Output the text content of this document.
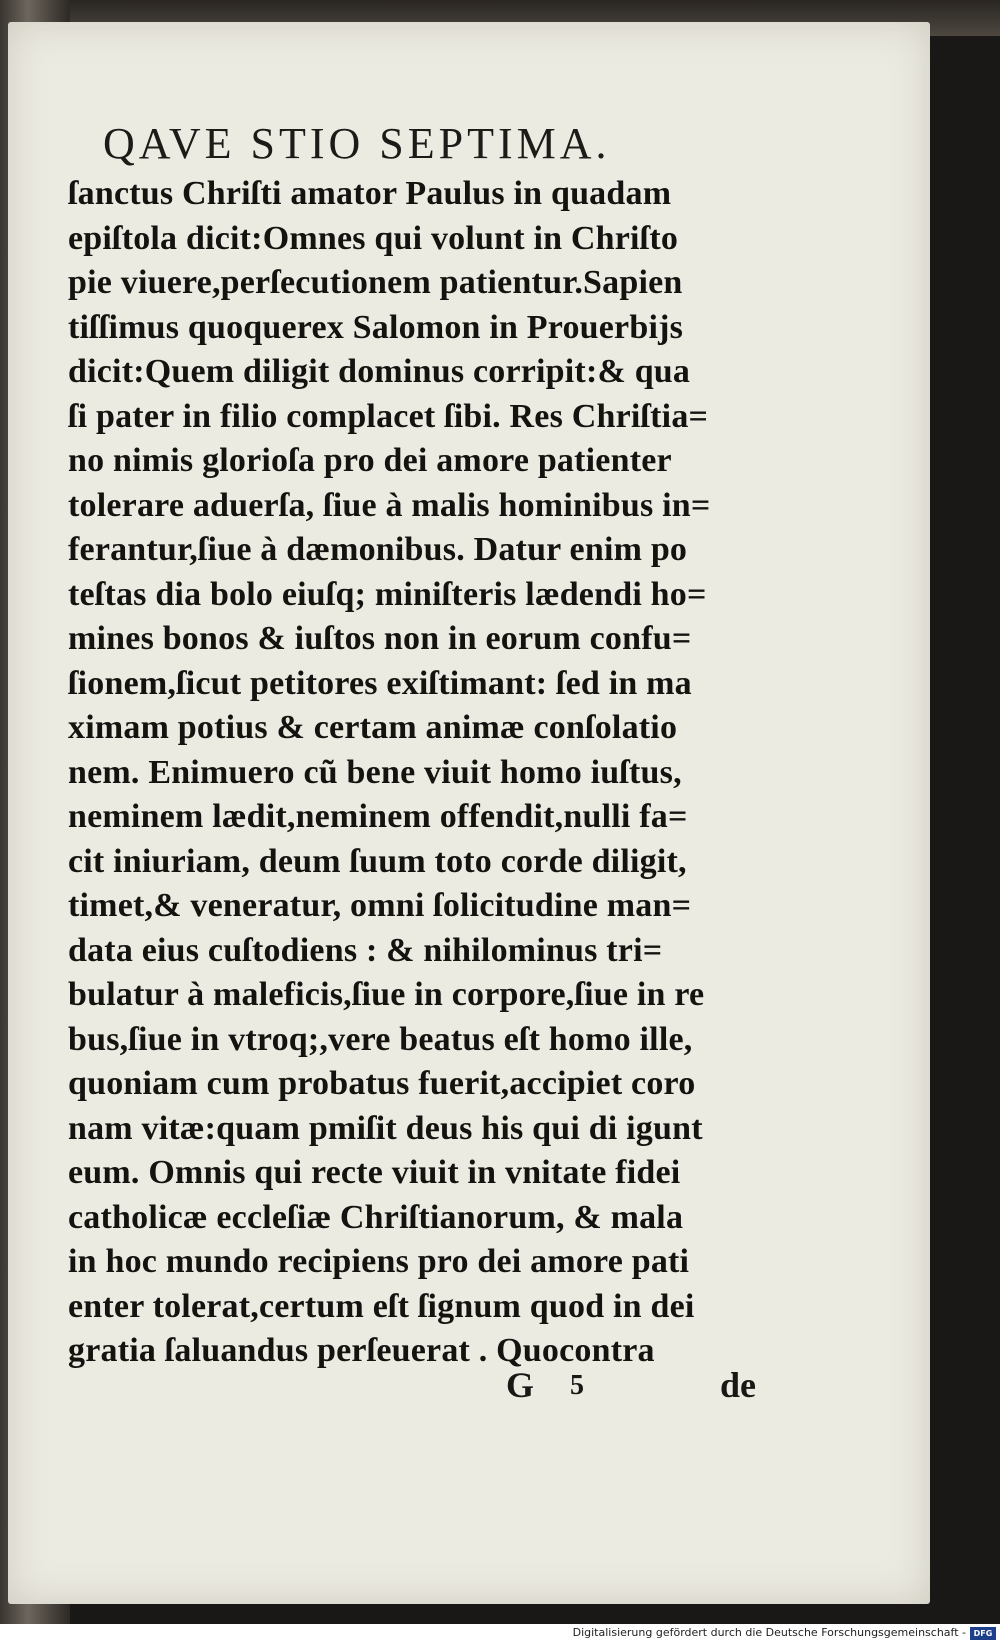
QAVE STIO SEPTIMA.
ſanctus Chriſti amator Paulus in quadam
epiſtola dicit:Omnes qui volunt in Chriſto
pie viuere,perſecutionem patientur.Sapien
tiſſimus quoquerex Salomon in Prouerbijs
dicit:Quem diligit dominus corripit:& qua
ſi pater in filio complacet ſibi. Res Chriſtia=
no nimis glorioſa pro dei amore patienter
tolerare aduerſa, ſiue à malis hominibus in=
ferantur,ſiue à dæmonibus. Datur enim po
teſtas dia bolo eiuſq; miniſteris lædendi ho=
mines bonos & iuſtos non in eorum confu=
ſionem,ſicut petitores exiſtimant: ſed in ma
ximam potius & certam animæ conſolatio
nem. Enimuero cũ bene viuit homo iuſtus,
neminem lædit,neminem offendit,nulli fa=
cit iniuriam, deum ſuum toto corde diligit,
timet,& veneratur, omni ſolicitudine man=
data eius cuſtodiens : & nihilominus tri=
bulatur à maleficis,ſiue in corpore,ſiue in re
bus,ſiue in vtroq;,vere beatus eſt homo ille,
quoniam cum probatus fuerit,accipiet coro
nam vitæ:quam pmiſit deus his qui di igunt
eum. Omnis qui recte viuit in vnitate fidei
catholicæ eccleſiæ Chriſtianorum, & mala
in hoc mundo recipiens pro dei amore pati
enter tolerat,certum eſt ſignum quod in dei
gratia ſaluandus perſeuerat . Quocontra
G 5	de
Digitalisierung gefördert durch die Deutsche Forschungsgemeinschaft - DFG
